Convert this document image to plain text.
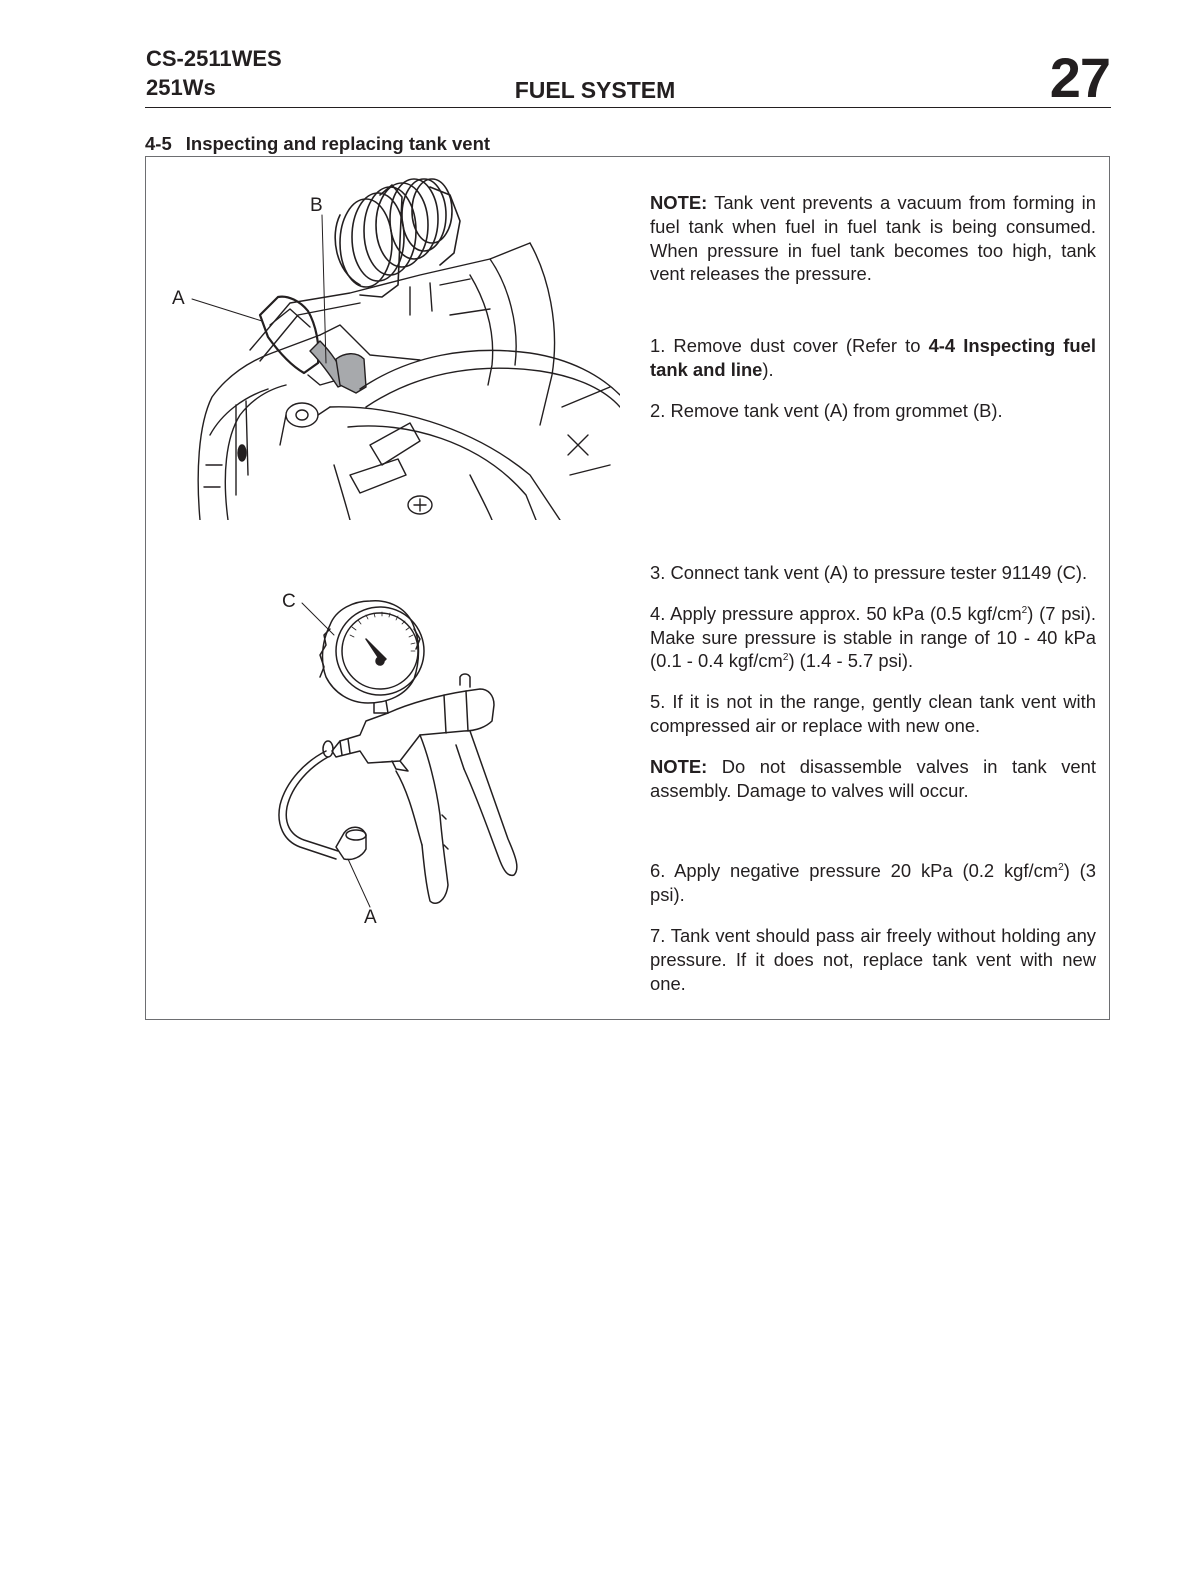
CS-2511WES
251Ws	FUEL SYSTEM	27
4-5 Inspecting and replacing tank vent
B
A
C
A

NOTE: Tank vent prevents a vacuum from forming in fuel tank when fuel in fuel tank is being consumed. When pressure in fuel tank becomes too high, tank vent releases the pressure.

1. Remove dust cover (Refer to 4-4 Inspecting fuel tank and line).

2. Remove tank vent (A) from grommet (B).

3. Connect tank vent (A) to pressure tester 91149 (C).

4. Apply pressure approx. 50 kPa (0.5 kgf/$cm^2$) (7 psi). Make sure pressure is stable in range of 10 - 40 kPa (0.1 - 0.4 kgf/$cm^2$) (1.4 - 5.7 psi).

5. If it is not in the range, gently clean tank vent with compressed air or replace with new one.

NOTE: Do not disassemble valves in tank vent assembly. Damage to valves will occur.

6. Apply negative pressure 20 kPa (0.2 kgf/$cm^2$) (3 psi).

7. Tank vent should pass air freely without holding any pressure. If it does not, replace tank vent with new one.
